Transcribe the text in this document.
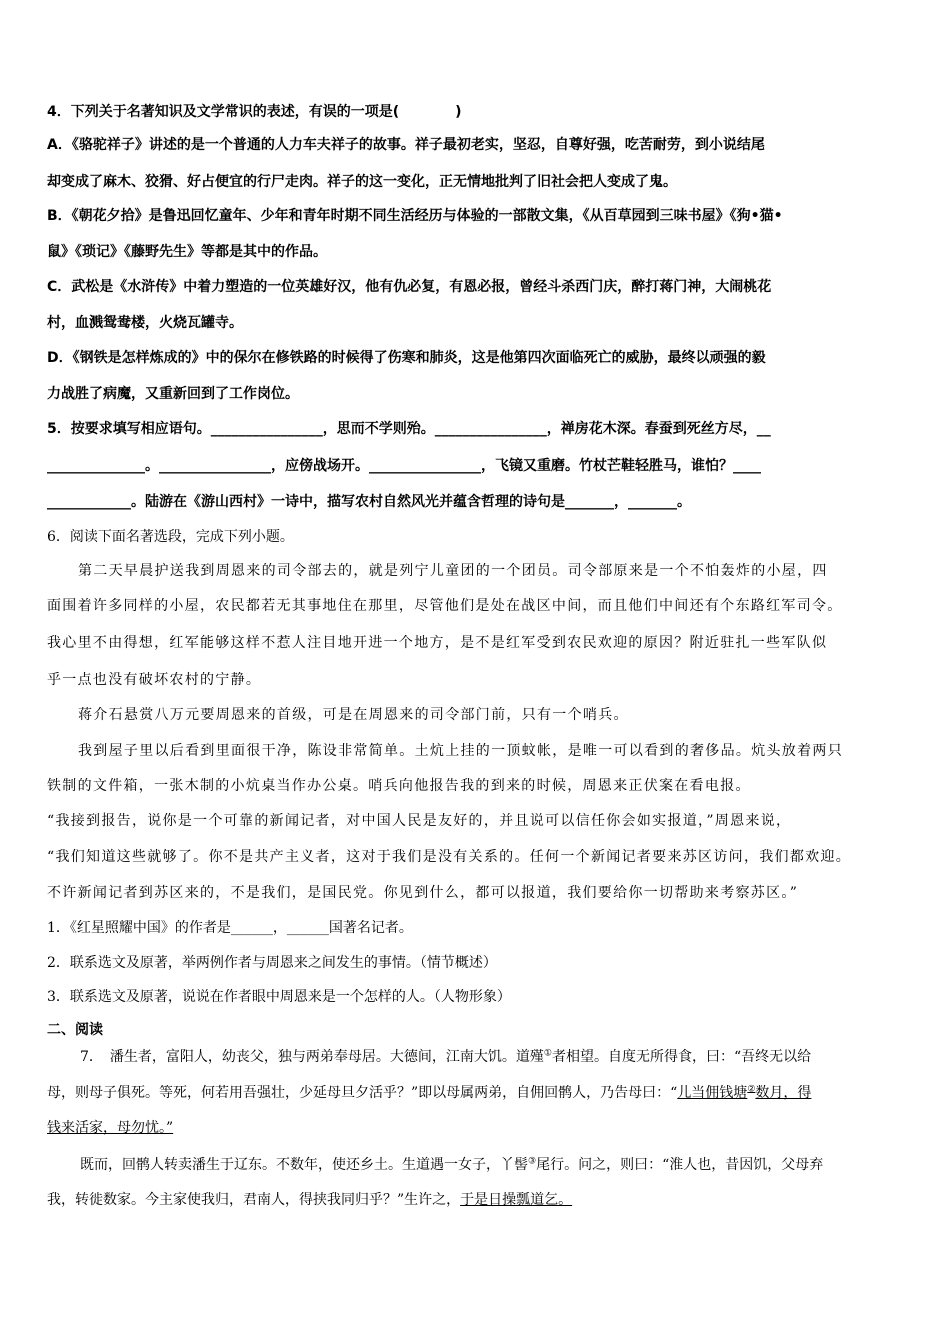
4．下列关于名著知识及文学常识的表述，有误的一项是(　　　　)
A．《骆驼祥子》讲述的是一个普通的人力车夫祥子的故事。祥子最初老实，坚忍，自尊好强，吃苦耐劳，到小说结尾
却变成了麻木、狡猾、好占便宜的行尸走肉。祥子的这一变化，正无情地批判了旧社会把人变成了鬼。
B．《朝花夕拾》是鲁迅回忆童年、少年和青年时期不同生活经历与体验的一部散文集，《从百草园到三味书屋》《狗•猫•
鼠》《琐记》《藤野先生》等都是其中的作品。
C．武松是《水浒传》中着力塑造的一位英雄好汉，他有仇必复，有恩必报，曾经斗杀西门庆，醉打蒋门神，大闹桃花
村，血溅鸳鸯楼，火烧瓦罐寺。
D．《钢铁是怎样炼成的》中的保尔在修铁路的时候得了伤寒和肺炎，这是他第四次面临死亡的威胁，最终以顽强的毅
力战胜了病魔，又重新回到了工作岗位。
5．按要求填写相应语句。________________，思而不学则殆。________________，禅房花木深。春蚕到死丝方尽，__
______________。________________，应傍战场开。________________，飞镜又重磨。竹杖芒鞋轻胜马，谁怕？____
____________。陆游在《游山西村》一诗中，描写农村自然风光并蕴含哲理的诗句是_______，_______。
6．阅读下面名著选段，完成下列小题。
第二天早晨护送我到周恩来的司令部去的，就是列宁儿童团的一个团员。司令部原来是一个不怕轰炸的小屋，四
面围着许多同样的小屋，农民都若无其事地住在那里，尽管他们是处在战区中间，而且他们中间还有个东路红军司令。
我心里不由得想，红军能够这样不惹人注目地开进一个地方，是不是红军受到农民欢迎的原因？附近驻扎一些军队似
乎一点也没有破坏农村的宁静。
蒋介石悬赏八万元要周恩来的首级，可是在周恩来的司令部门前，只有一个哨兵。
我到屋子里以后看到里面很干净，陈设非常简单。土炕上挂的一顶蚊帐，是唯一可以看到的奢侈品。炕头放着两只
铁制的文件箱，一张木制的小炕桌当作办公桌。哨兵向他报告我的到来的时候，周恩来正伏案在看电报。
“我接到报告，说你是一个可靠的新闻记者，对中国人民是友好的，并且说可以信任你会如实报道，”周恩来说，
“我们知道这些就够了。你不是共产主义者，这对于我们是没有关系的。任何一个新闻记者要来苏区访问，我们都欢迎。
不许新闻记者到苏区来的，不是我们，是国民党。你见到什么，都可以报道，我们要给你一切帮助来考察苏区。”
1．《红星照耀中国》的作者是______，______国著名记者。
2．联系选文及原著，举两例作者与周恩来之间发生的事情。（情节概述）
3．联系选文及原著，说说在作者眼中周恩来是一个怎样的人。（人物形象）
二、阅读
7．　潘生者，富阳人，幼丧父，独与两弟奉母居。大德间，江南大饥。道殣①者相望。自度无所得食，曰：“吾终无以给
母，则母子俱死。等死，何若用吾强壮，少延母旦夕活乎？”即以母属两弟，自佣回鹘人，乃告母曰：“儿当佣钱塘②数月，得
钱来活家，母勿忧。”
既而，回鹘人转卖潘生于辽东。不数年，使还乡土。生道遇一女子，丫髻③尾行。问之，则曰：“淮人也，昔因饥，父母弃
我，转徙数家。今主家使我归，君南人，得挟我同归乎？”生许之，于是日操瓢道乞。
